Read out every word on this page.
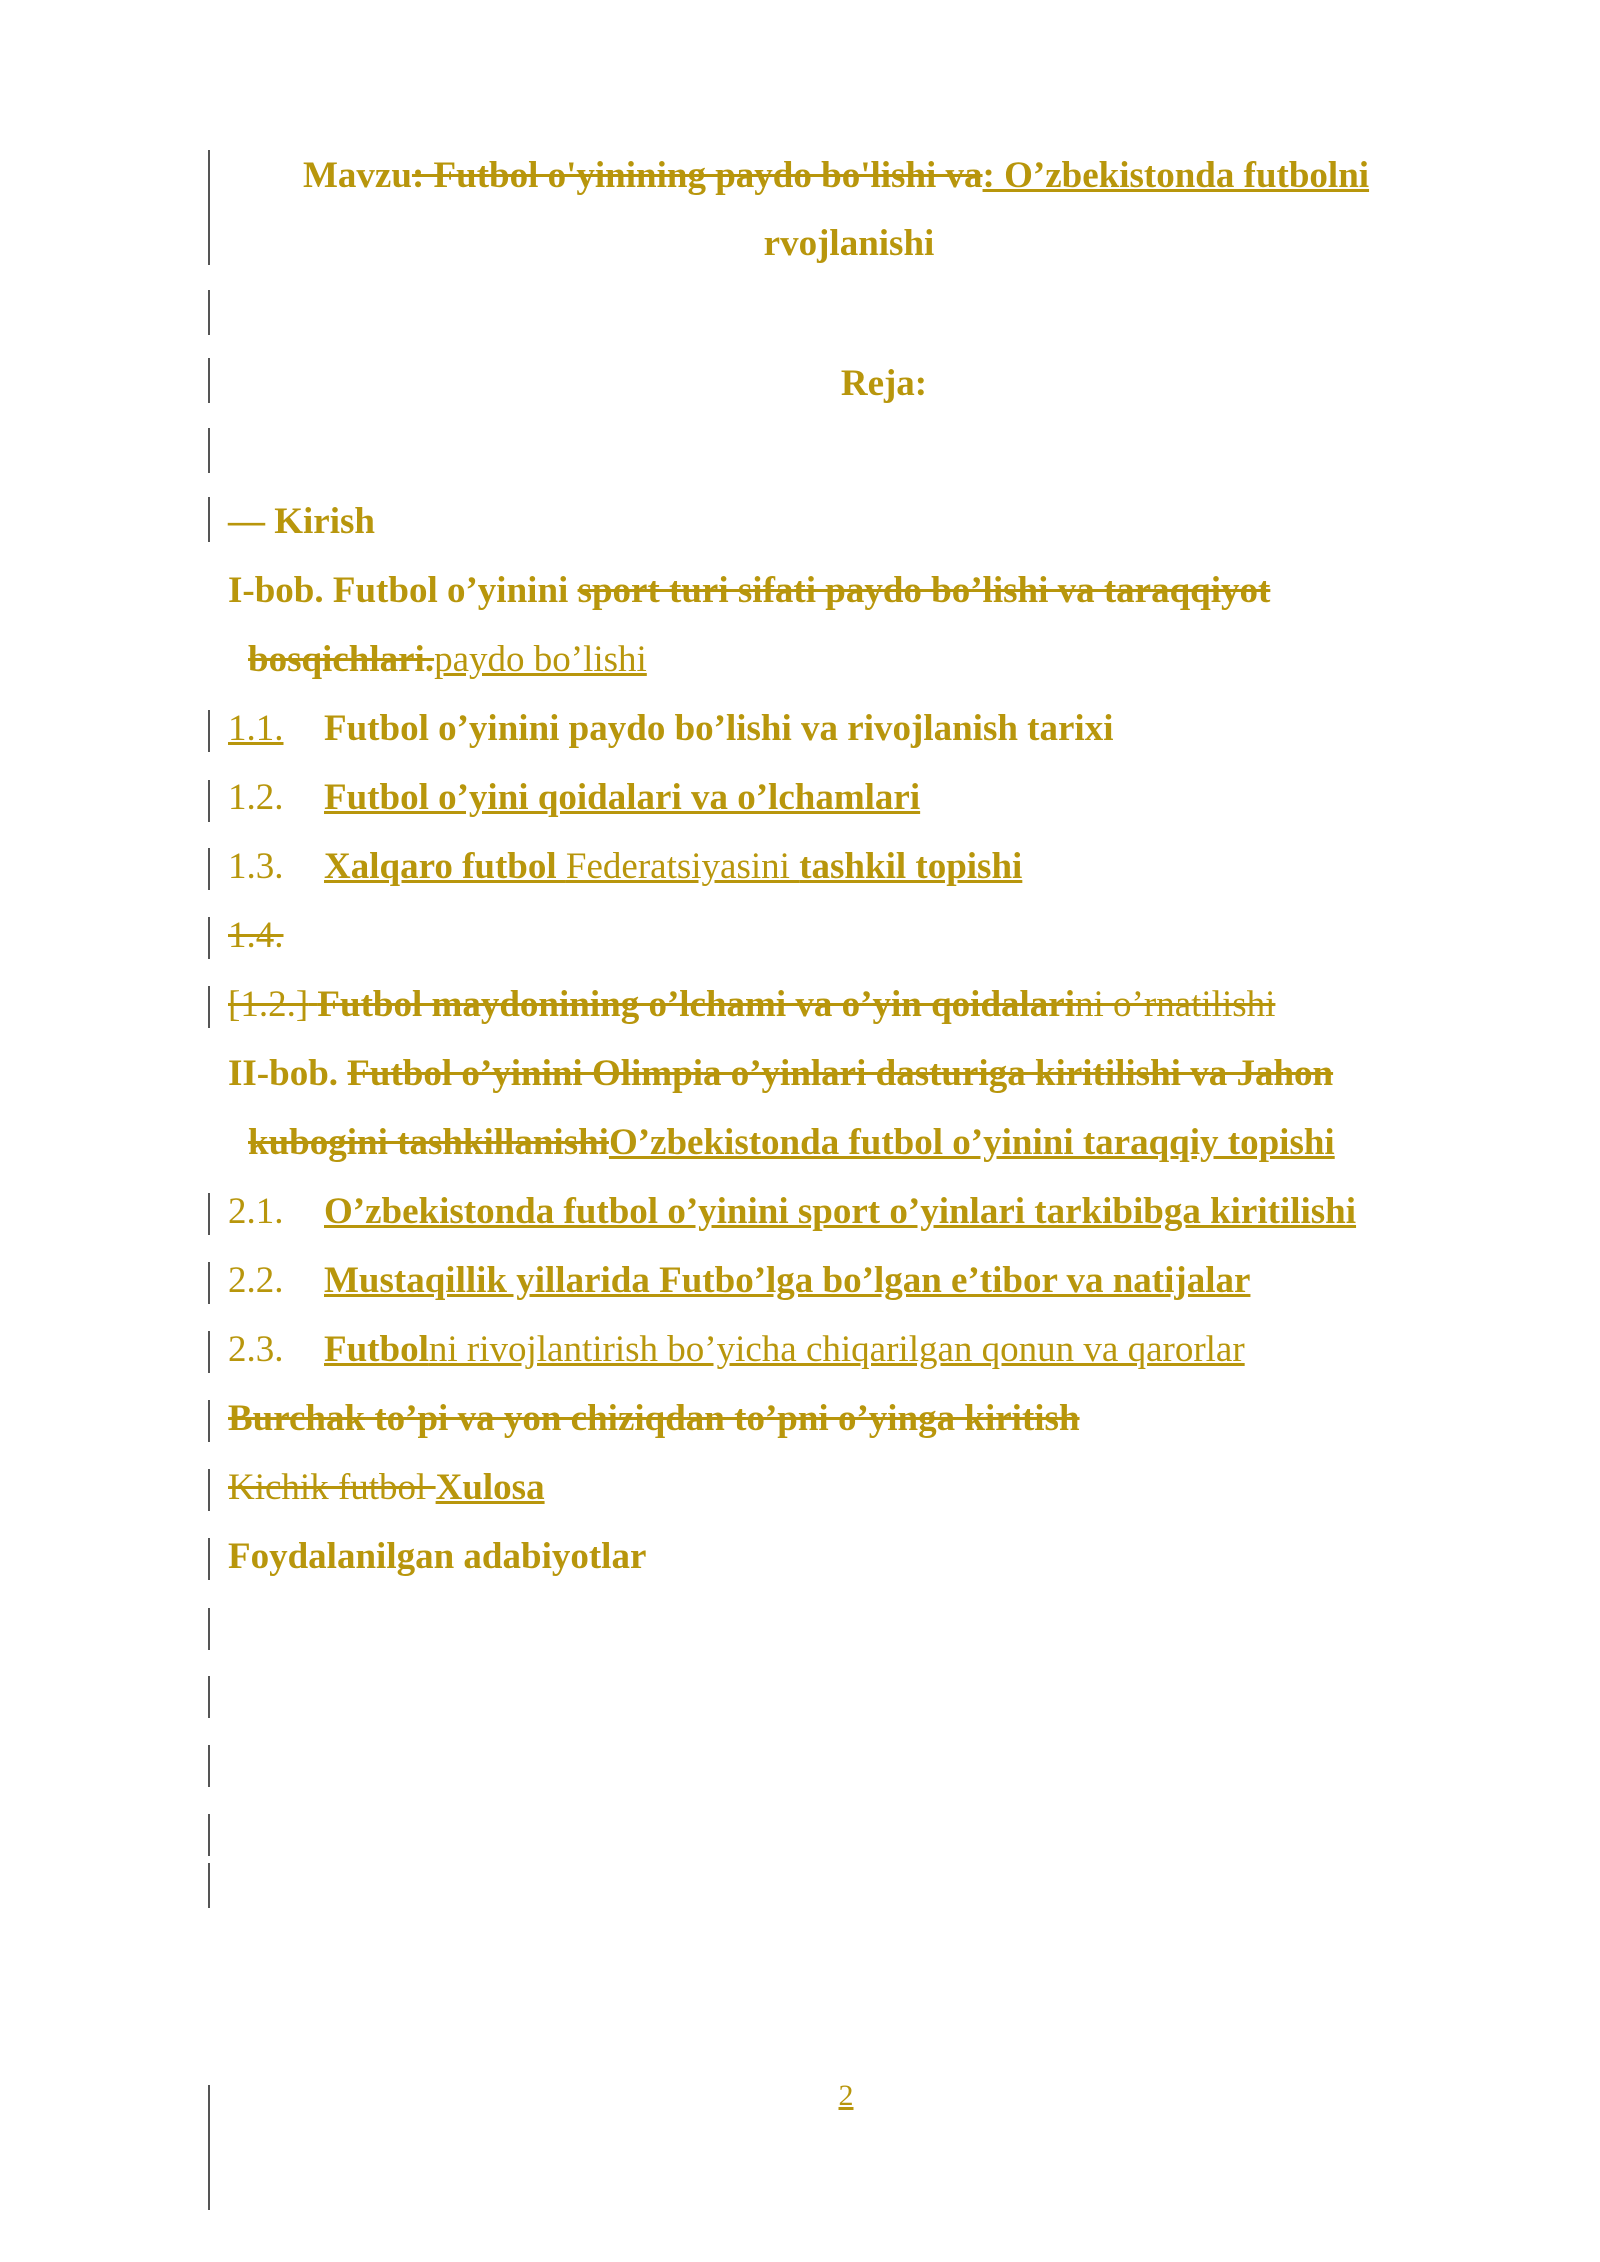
Mavzu: Futbol o'yinining paydo bo'lishi va: O’zbekistonda futbolni
rvojlanishi
Reja:
— Kirish
I-bob. Futbol o’yinini sport turi sifati paydo bo’lishi va taraqqiyot
bosqichlari.paydo bo’lishi
1.1. Futbol o’yinini paydo bo’lishi va rivojlanish tarixi
1.2. Futbol o’yini qoidalari va o’lchamlari
1.3. Xalqaro futbol Federatsiyasini tashkil topishi
1.4.
[1.2.] Futbol maydonining o’lchami va o’yin qoidalarini o’rnatilishi
II-bob. Futbol o’yinini Olimpia o’yinlari dasturiga kiritilishi va Jahon
kubogini tashkillanishiO’zbekistonda futbol o’yinini taraqqiy topishi
2.1. O’zbekistonda futbol o’yinini sport o’yinlari tarkibibga kiritilishi
2.2. Mustaqillik yillarida Futbo’lga bo’lgan e’tibor va natijalar
2.3. Futbolni rivojlantirish bo’yicha chiqarilgan qonun va qarorlar
Burchak to’pi va yon chiziqdan to’pni o’yinga kiritish
Kichik futbol Xulosa
Foydalanilgan adabiyotlar
2
